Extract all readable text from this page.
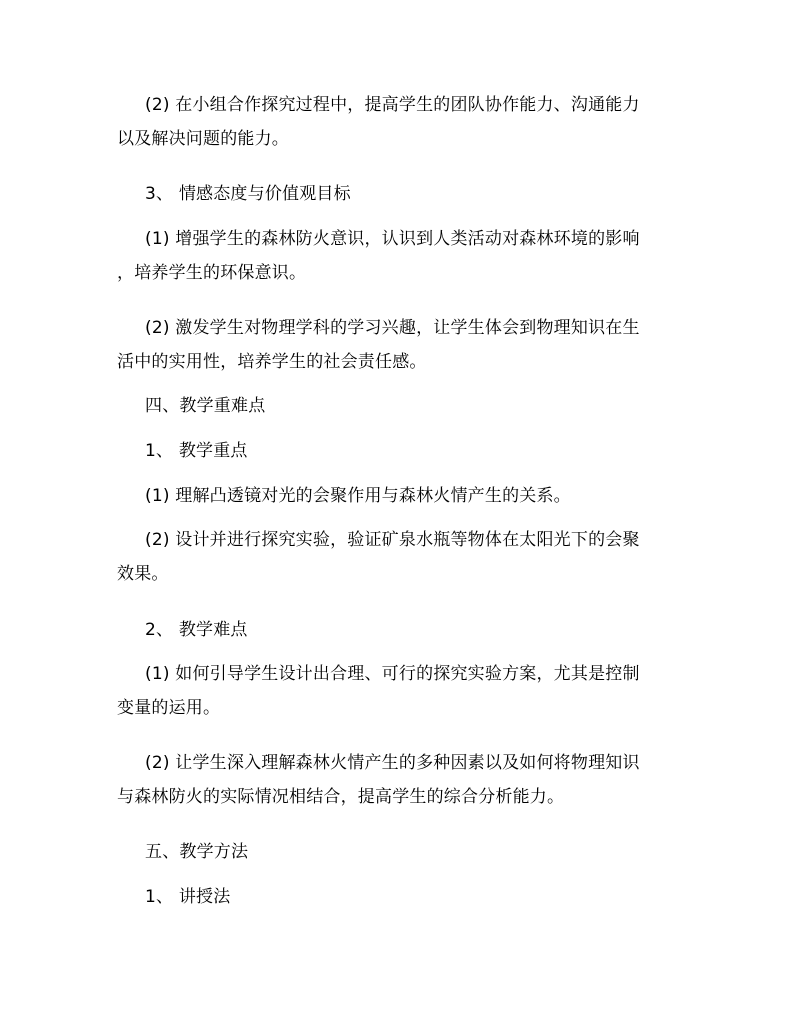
(2) 在小组合作探究过程中，提高学生的团队协作能力、沟通能力
以及解决问题的能力。

3、 情感态度与价值观目标

(1) 增强学生的森林防火意识，认识到人类活动对森林环境的影响
，培养学生的环保意识。

(2) 激发学生对物理学科的学习兴趣，让学生体会到物理知识在生
活中的实用性，培养学生的社会责任感。

四、教学重难点

1、 教学重点

(1) 理解凸透镜对光的会聚作用与森林火情产生的关系。

(2) 设计并进行探究实验，验证矿泉水瓶等物体在太阳光下的会聚
效果。

2、 教学难点

(1) 如何引导学生设计出合理、可行的探究实验方案，尤其是控制
变量的运用。

(2) 让学生深入理解森林火情产生的多种因素以及如何将物理知识
与森林防火的实际情况相结合，提高学生的综合分析能力。

五、教学方法

1、 讲授法
